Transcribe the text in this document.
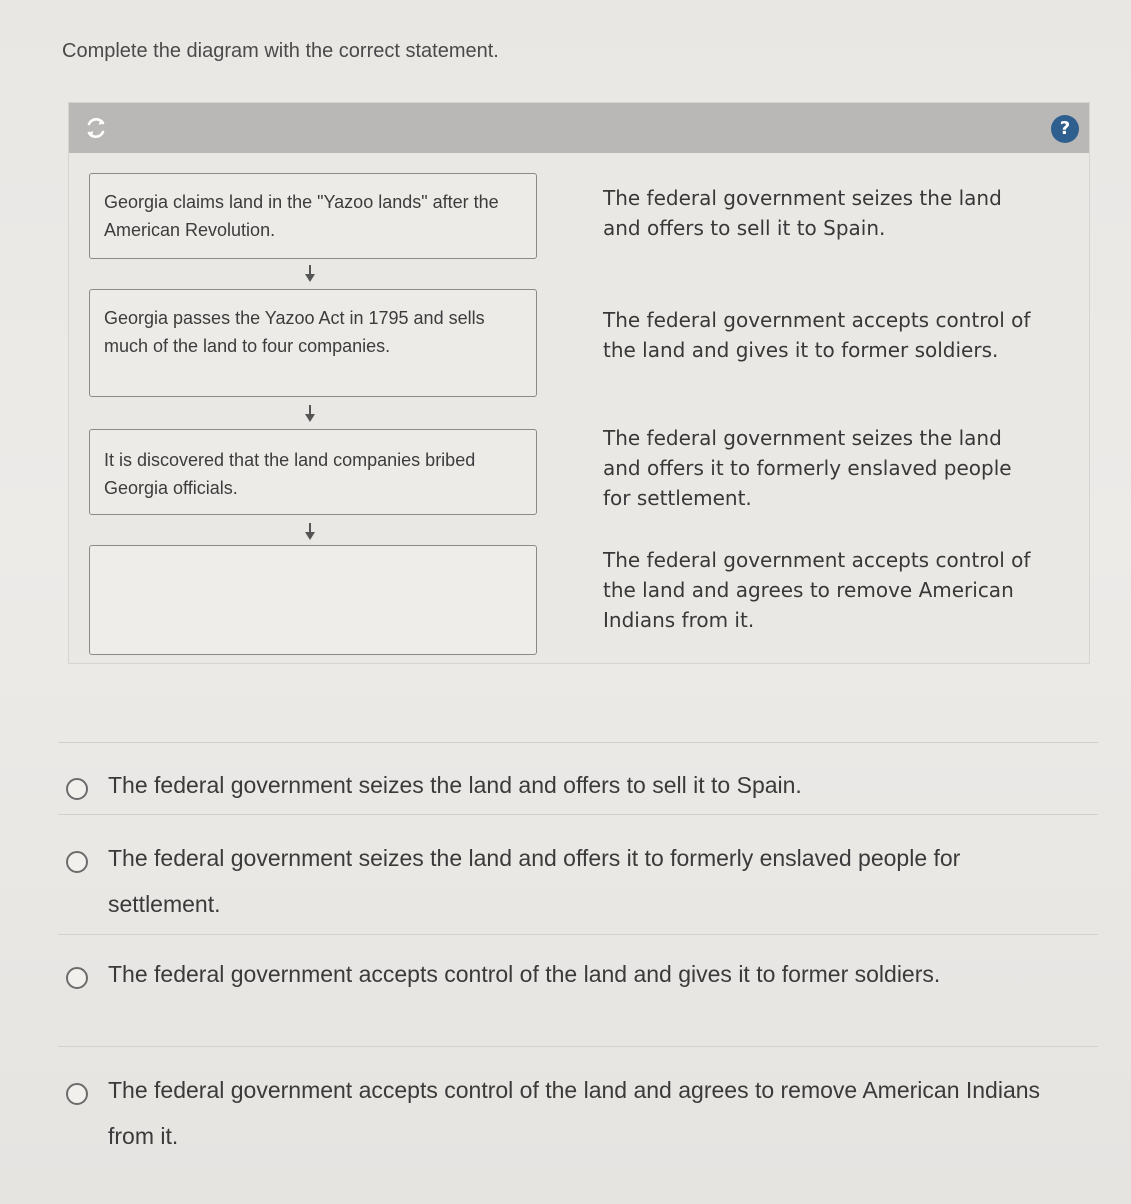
Complete the diagram with the correct statement.
?
Georgia claims land in the "Yazoo lands" after the American Revolution.
Georgia passes the Yazoo Act in 1795 and sells much of the land to four companies.
It is discovered that the land companies bribed Georgia officials.
The federal government seizes the land and offers to sell it to Spain.
The federal government accepts control of the land and gives it to former soldiers.
The federal government seizes the land and offers it to formerly enslaved people for settlement.
The federal government accepts control of the land and agrees to remove American Indians from it.
The federal government seizes the land and offers to sell it to Spain.
The federal government seizes the land and offers it to formerly enslaved people for settlement.
The federal government accepts control of the land and gives it to former soldiers.
The federal government accepts control of the land and agrees to remove American Indians from it.
